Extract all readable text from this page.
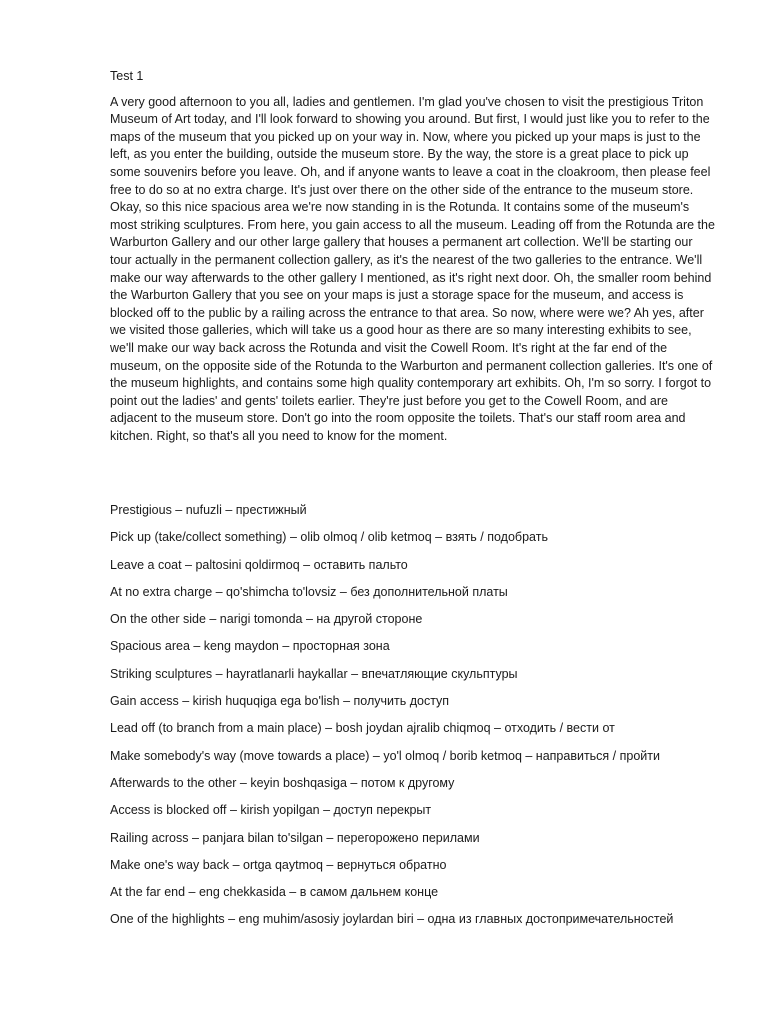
Test 1

A very good afternoon to you all, ladies and gentlemen. I'm glad you've chosen to visit the prestigious Triton Museum of Art today, and I'll look forward to showing you around. But first, I would just like you to refer to the maps of the museum that you picked up on your way in. Now, where you picked up your maps is just to the left, as you enter the building, outside the museum store. By the way, the store is a great place to pick up some souvenirs before you leave. Oh, and if anyone wants to leave a coat in the cloakroom, then please feel free to do so at no extra charge. It's just over there on the other side of the entrance to the museum store. Okay, so this nice spacious area we're now standing in is the Rotunda. It contains some of the museum's most striking sculptures. From here, you gain access to all the museum. Leading off from the Rotunda are the Warburton Gallery and our other large gallery that houses a permanent art collection. We'll be starting our tour actually in the permanent collection gallery, as it's the nearest of the two galleries to the entrance. We'll make our way afterwards to the other gallery I mentioned, as it's right next door. Oh, the smaller room behind the Warburton Gallery that you see on your maps is just a storage space for the museum, and access is blocked off to the public by a railing across the entrance to that area. So now, where were we? Ah yes, after we visited those galleries, which will take us a good hour as there are so many interesting exhibits to see, we'll make our way back across the Rotunda and visit the Cowell Room. It's right at the far end of the museum, on the opposite side of the Rotunda to the Warburton and permanent collection galleries. It's one of the museum highlights, and contains some high quality contemporary art exhibits. Oh, I'm so sorry. I forgot to point out the ladies' and gents' toilets earlier. They're just before you get to the Cowell Room, and are adjacent to the museum store. Don't go into the room opposite the toilets. That's our staff room area and kitchen. Right, so that's all you need to know for the moment.

Prestigious – nufuzli – престижный
Pick up (take/collect something) – olib olmoq / olib ketmoq – взять / подобрать
Leave a coat – paltosini qoldirmoq – оставить пальто
At no extra charge – qo'shimcha to'lovsiz – без дополнительной платы
On the other side – narigi tomonda – на другой стороне
Spacious area – keng maydon – просторная зона
Striking sculptures – hayratlanarli haykallar – впечатляющие скульптуры
Gain access – kirish huquqiga ega bo'lish – получить доступ
Lead off (to branch from a main place) – bosh joydan ajralib chiqmoq – отходить / вести от
Make somebody's way (move towards a place) – yo'l olmoq / borib ketmoq – направиться / пройти
Afterwards to the other – keyin boshqasiga – потом к другому
Access is blocked off – kirish yopilgan – доступ перекрыт
Railing across – panjara bilan to'silgan – перегорожено перилами
Make one's way back – ortga qaytmoq – вернуться обратно
At the far end – eng chekkasida – в самом дальнем конце
One of the highlights – eng muhim/asosiy joylardan biri – одна из главных достопримечательностей
